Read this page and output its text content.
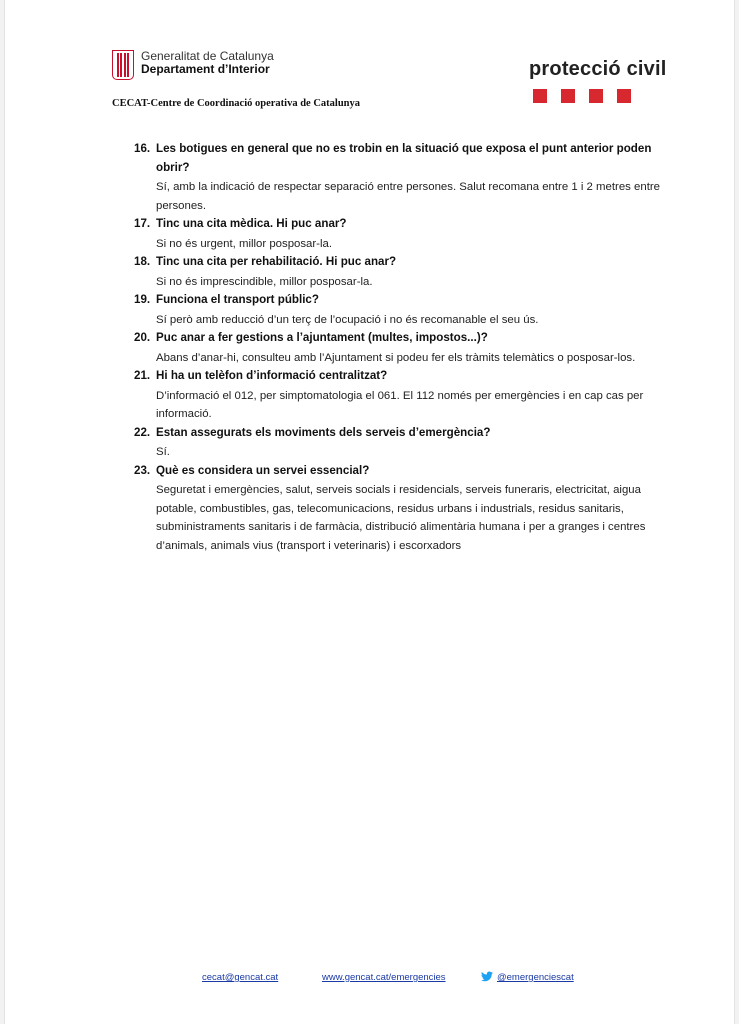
Generalitat de Catalunya
Departament d’Interior	protecció civil
CECAT-Centre de Coordinació operativa de Catalunya
16. Les botigues en general que no es trobin en la situació que exposa el punt anterior poden obrir?
Sí, amb la indicació de respectar separació entre persones. Salut recomana entre 1 i 2 metres entre persones.
17. Tinc una cita mèdica. Hi puc anar?
Si no és urgent, millor posposar-la.
18. Tinc una cita per rehabilitació. Hi puc anar?
Si no és imprescindible, millor posposar-la.
19. Funciona el transport públic?
Sí però amb reducció d’un terç de l’ocupació i no és recomanable el seu ús.
20. Puc anar a fer gestions a l’ajuntament (multes, impostos...)?
Abans d’anar-hi, consulteu amb l’Ajuntament si podeu fer els tràmits telemàtics o posposar-los.
21. Hi ha un telèfon d’informació centralitzat?
D’informació el 012, per simptomatologia el 061. El 112 només per emergències i en cap cas per informació.
22. Estan assegurats els moviments dels serveis d’emergència?
Sí.
23. Què es considera un servei essencial?
Seguretat i emergències, salut, serveis socials i residencials, serveis funeraris, electricitat, aigua potable, combustibles, gas, telecomunicacions, residus urbans i industrials, residus sanitaris, subministraments sanitaris i de farmàcia, distribució alimentària humana i per a granges i centres d’animals, animals vius (transport i veterinaris) i escorxadors
cecat@gencat.cat	www.gencat.cat/emergencies	@emergenciescat
